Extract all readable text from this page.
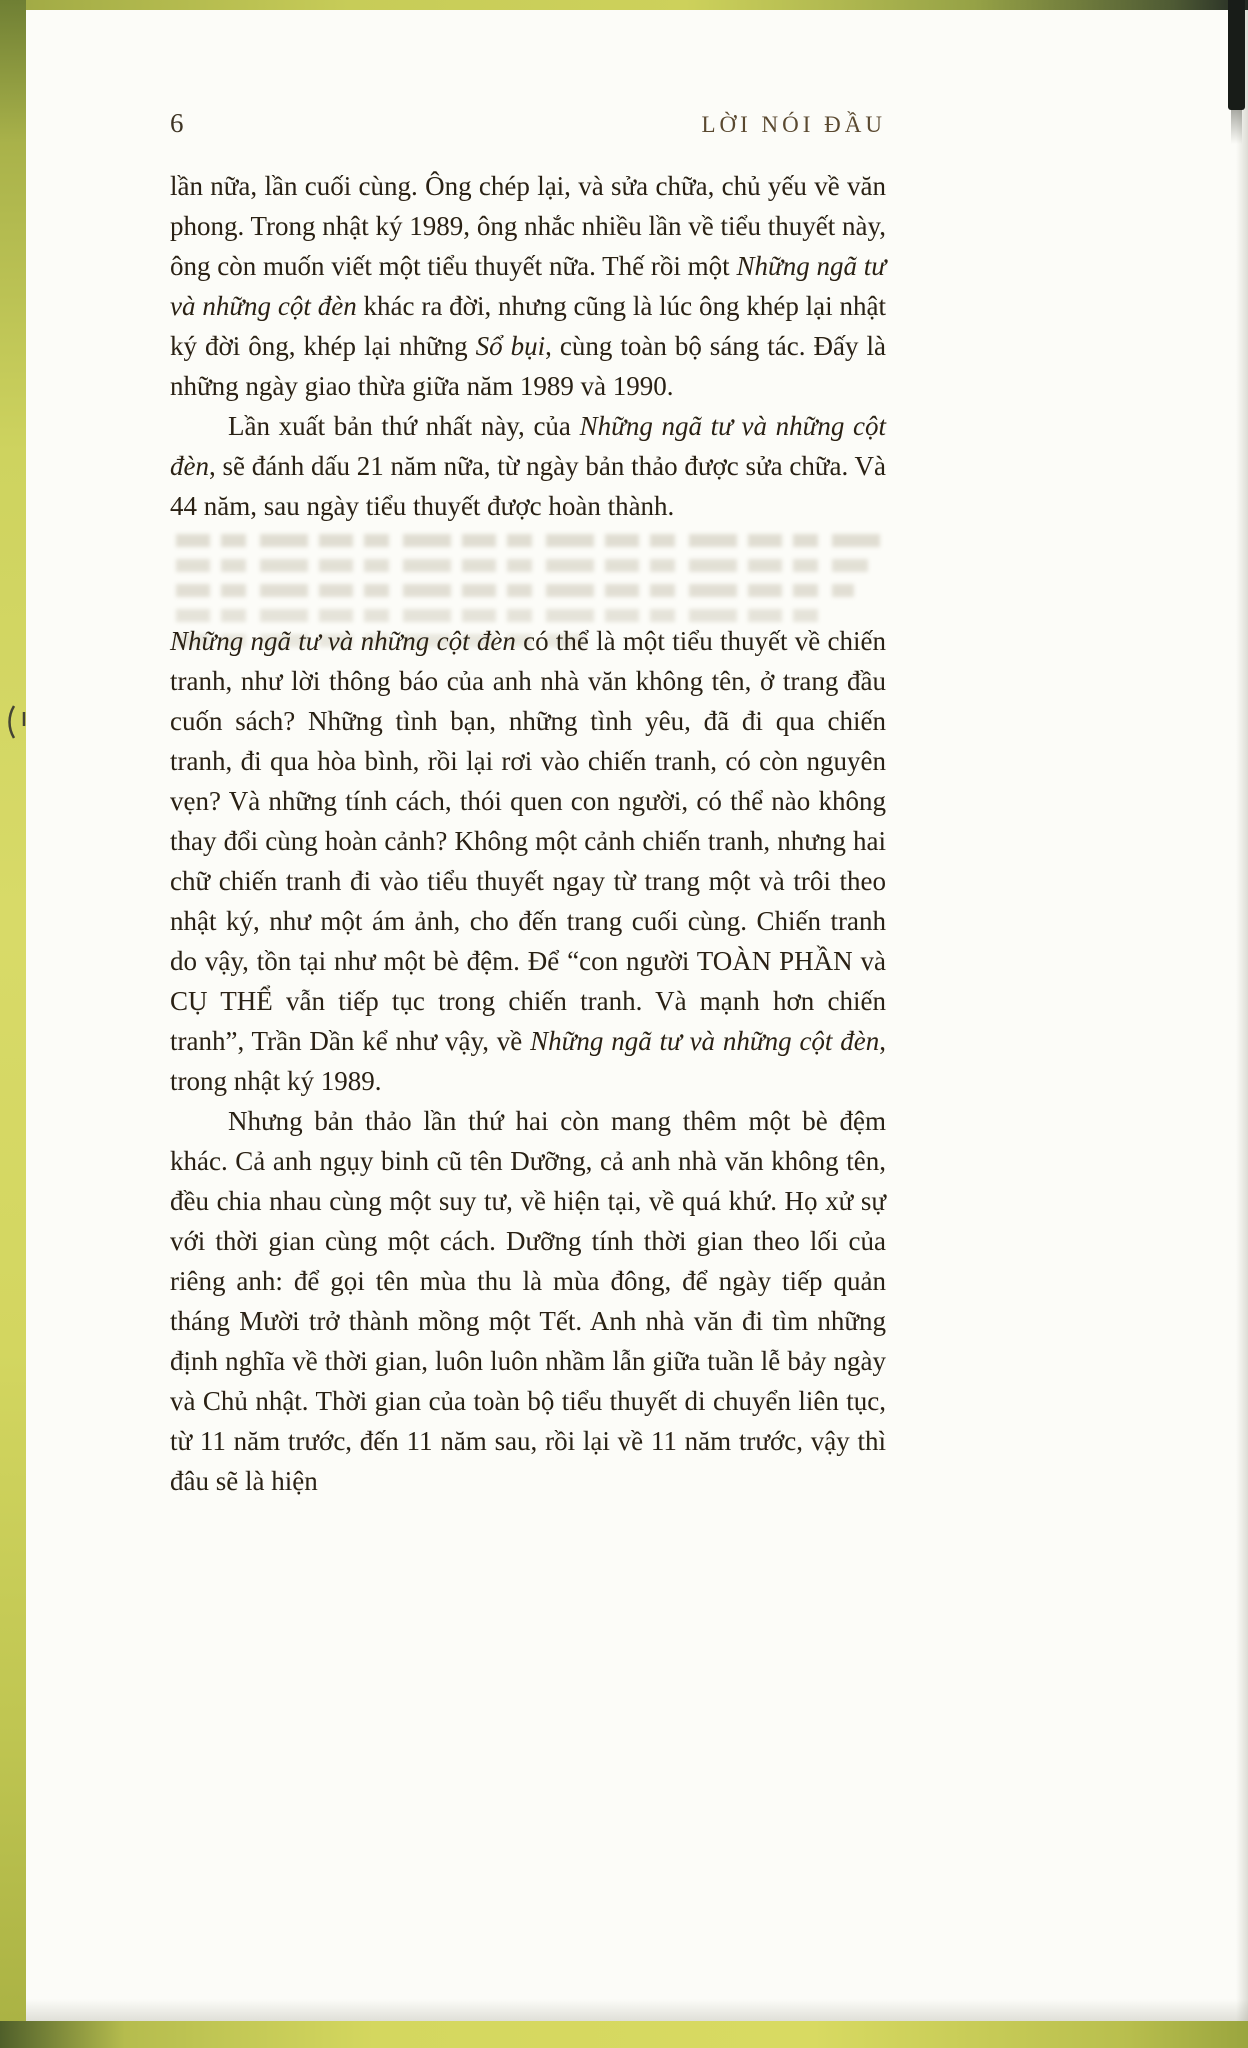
6	LỜI NÓI ĐẦU

lần nữa, lần cuối cùng. Ông chép lại, và sửa chữa, chủ yếu về văn phong. Trong nhật ký 1989, ông nhắc nhiều lần về tiểu thuyết này, ông còn muốn viết một tiểu thuyết nữa. Thế rồi một Những ngã tư và những cột đèn khác ra đời, nhưng cũng là lúc ông khép lại nhật ký đời ông, khép lại những Sổ bụi, cùng toàn bộ sáng tác. Đấy là những ngày giao thừa giữa năm 1989 và 1990.

Lần xuất bản thứ nhất này, của Những ngã tư và những cột đèn, sẽ đánh dấu 21 năm nữa, từ ngày bản thảo được sửa chữa. Và 44 năm, sau ngày tiểu thuyết được hoàn thành.

Những ngã tư và những cột đèn có thể là một tiểu thuyết về chiến tranh, như lời thông báo của anh nhà văn không tên, ở trang đầu cuốn sách? Những tình bạn, những tình yêu, đã đi qua chiến tranh, đi qua hòa bình, rồi lại rơi vào chiến tranh, có còn nguyên vẹn? Và những tính cách, thói quen con người, có thể nào không thay đổi cùng hoàn cảnh? Không một cảnh chiến tranh, nhưng hai chữ chiến tranh đi vào tiểu thuyết ngay từ trang một và trôi theo nhật ký, như một ám ảnh, cho đến trang cuối cùng. Chiến tranh do vậy, tồn tại như một bè đệm. Để “con người TOÀN PHẦN và CỤ THỂ vẫn tiếp tục trong chiến tranh. Và mạnh hơn chiến tranh”, Trần Dần kể như vậy, về Những ngã tư và những cột đèn, trong nhật ký 1989.

Nhưng bản thảo lần thứ hai còn mang thêm một bè đệm khác. Cả anh ngụy binh cũ tên Dưỡng, cả anh nhà văn không tên, đều chia nhau cùng một suy tư, về hiện tại, về quá khứ. Họ xử sự với thời gian cùng một cách. Dưỡng tính thời gian theo lối của riêng anh: để gọi tên mùa thu là mùa đông, để ngày tiếp quản tháng Mười trở thành mồng một Tết. Anh nhà văn đi tìm những định nghĩa về thời gian, luôn luôn nhầm lẫn giữa tuần lễ bảy ngày và Chủ nhật. Thời gian của toàn bộ tiểu thuyết di chuyển liên tục, từ 11 năm trước, đến 11 năm sau, rồi lại về 11 năm trước, vậy thì đâu sẽ là hiện
